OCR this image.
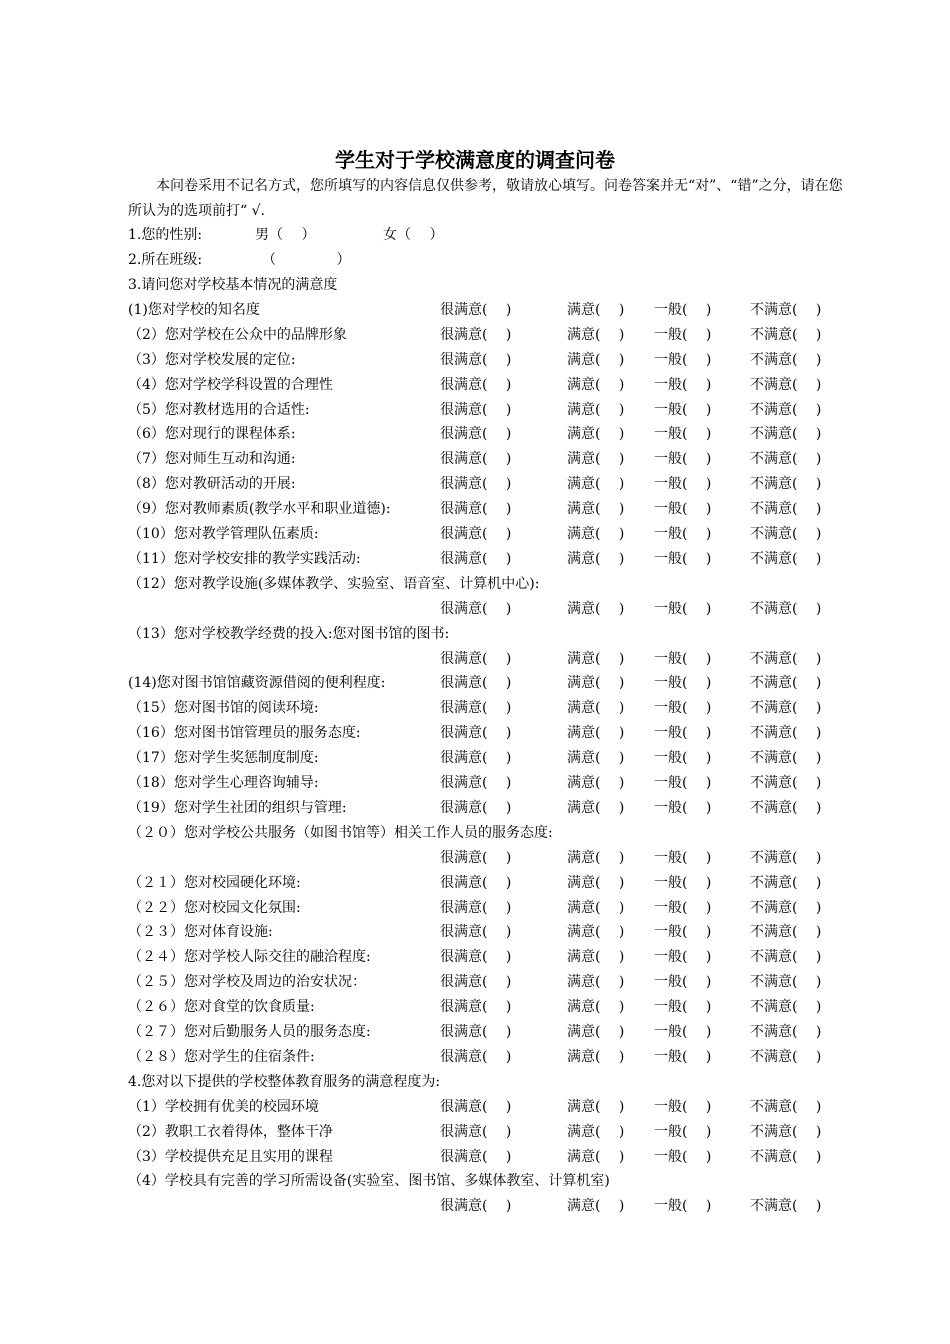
学生对于学校满意度的调查问卷
本问卷采用不记名方式，您所填写的内容信息仅供参考，敬请放心填写。问卷答案并无“对”、“错”之分，请在您所认为的选项前打“ √.
1.您的性别:	男（　 ）	女（　 ）
2.所在班级:	（　　　　 ）
3.请问您对学校基本情况的满意度
(1)您对学校的知名度	很满意(　 )	满意(　 ) 一般(　 )	不满意(　 )
（2）您对学校在公众中的品牌形象	很满意(　 )	满意(　 ) 一般(　 )	不满意(　 )
（3）您对学校发展的定位:	很满意(　 )	满意(　 ) 一般(　 )	不满意(　 )
（4）您对学校学科设置的合理性	很满意(　 )	满意(　 ) 一般(　 )	不满意(　 )
（5）您对教材选用的合适性:	很满意(　 )	满意(　 ) 一般(　 )	不满意(　 )
（6）您对现行的课程体系:	很满意(　 )	满意(　 ) 一般(　 )	不满意(　 )
（7）您对师生互动和沟通:	很满意(　 )	满意(　 ) 一般(　 )	不满意(　 )
（8）您对教研活动的开展:	很满意(　 )	满意(　 ) 一般(　 )	不满意(　 )
（9）您对教师素质(教学水平和职业道德):	很满意(　 )	满意(　 ) 一般(　 )	不满意(　 )
（10）您对教学管理队伍素质:	很满意(　 )	满意(　 ) 一般(　 )	不满意(　 )
（11）您对学校安排的教学实践活动:	很满意(　 )	满意(　 ) 一般(　 )	不满意(　 )
（12）您对教学设施(多媒体教学、实验室、语音室、计算机中心):
很满意(　 )	满意(　 ) 一般(　 )	不满意(　 )
（13）您对学校教学经费的投入:您对图书馆的图书:
很满意(　 )	满意(　 ) 一般(　 )	不满意(　 )
(14)您对图书馆馆藏资源借阅的便利程度:	很满意(　 )	满意(　 ) 一般(　 )	不满意(　 )
（15）您对图书馆的阅读环境:	很满意(　 )	满意(　 ) 一般(　 )	不满意(　 )
（16）您对图书馆管理员的服务态度:	很满意(　 )	满意(　 ) 一般(　 )	不满意(　 )
（17）您对学生奖惩制度制度:	很满意(　 )	满意(　 ) 一般(　 )	不满意(　 )
（18）您对学生心理咨询辅导:	很满意(　 )	满意(　 ) 一般(　 )	不满意(　 )
（19）您对学生社团的组织与管理:	很满意(　 )	满意(　 ) 一般(　 )	不满意(　 )
（２０）您对学校公共服务（如图书馆等）相关工作人员的服务态度:
很满意(　 )	满意(　 ) 一般(　 )	不满意(　 )
（２１）您对校园硬化环境:	很满意(　 )	满意(　 ) 一般(　 )	不满意(　 )
（２２）您对校园文化氛围:	很满意(　 )	满意(　 ) 一般(　 )	不满意(　 )
（２３）您对体育设施:	很满意(　 )	满意(　 ) 一般(　 )	不满意(　 )
（２４）您对学校人际交往的融洽程度:	很满意(　 )	满意(　 ) 一般(　 )	不满意(　 )
（２５）您对学校及周边的治安状况：	很满意(　 )	满意(　 ) 一般(　 )	不满意(　 )
（２６）您对食堂的饮食质量:	很满意(　 )	满意(　 ) 一般(　 )	不满意(　 )
（２７）您对后勤服务人员的服务态度:	很满意(　 )	满意(　 ) 一般(　 )	不满意(　 )
（２８）您对学生的住宿条件:	很满意(　 )	满意(　 ) 一般(　 )	不满意(　 )
4.您对以下提供的学校整体教育服务的满意程度为:
（1）学校拥有优美的校园环境	很满意(　 )	满意(　 ) 一般(　 )	不满意(　 )
（2）教职工衣着得体，整体干净	很满意(　 )	满意(　 ) 一般(　 )	不满意(　 )
（3）学校提供充足且实用的课程	很满意(　 )	满意(　 ) 一般(　 )	不满意(　 )
（4）学校具有完善的学习所需设备(实验室、图书馆、多媒体教室、计算机室)
很满意(　 )	满意(　 ) 一般(　 )	不满意(　 )
